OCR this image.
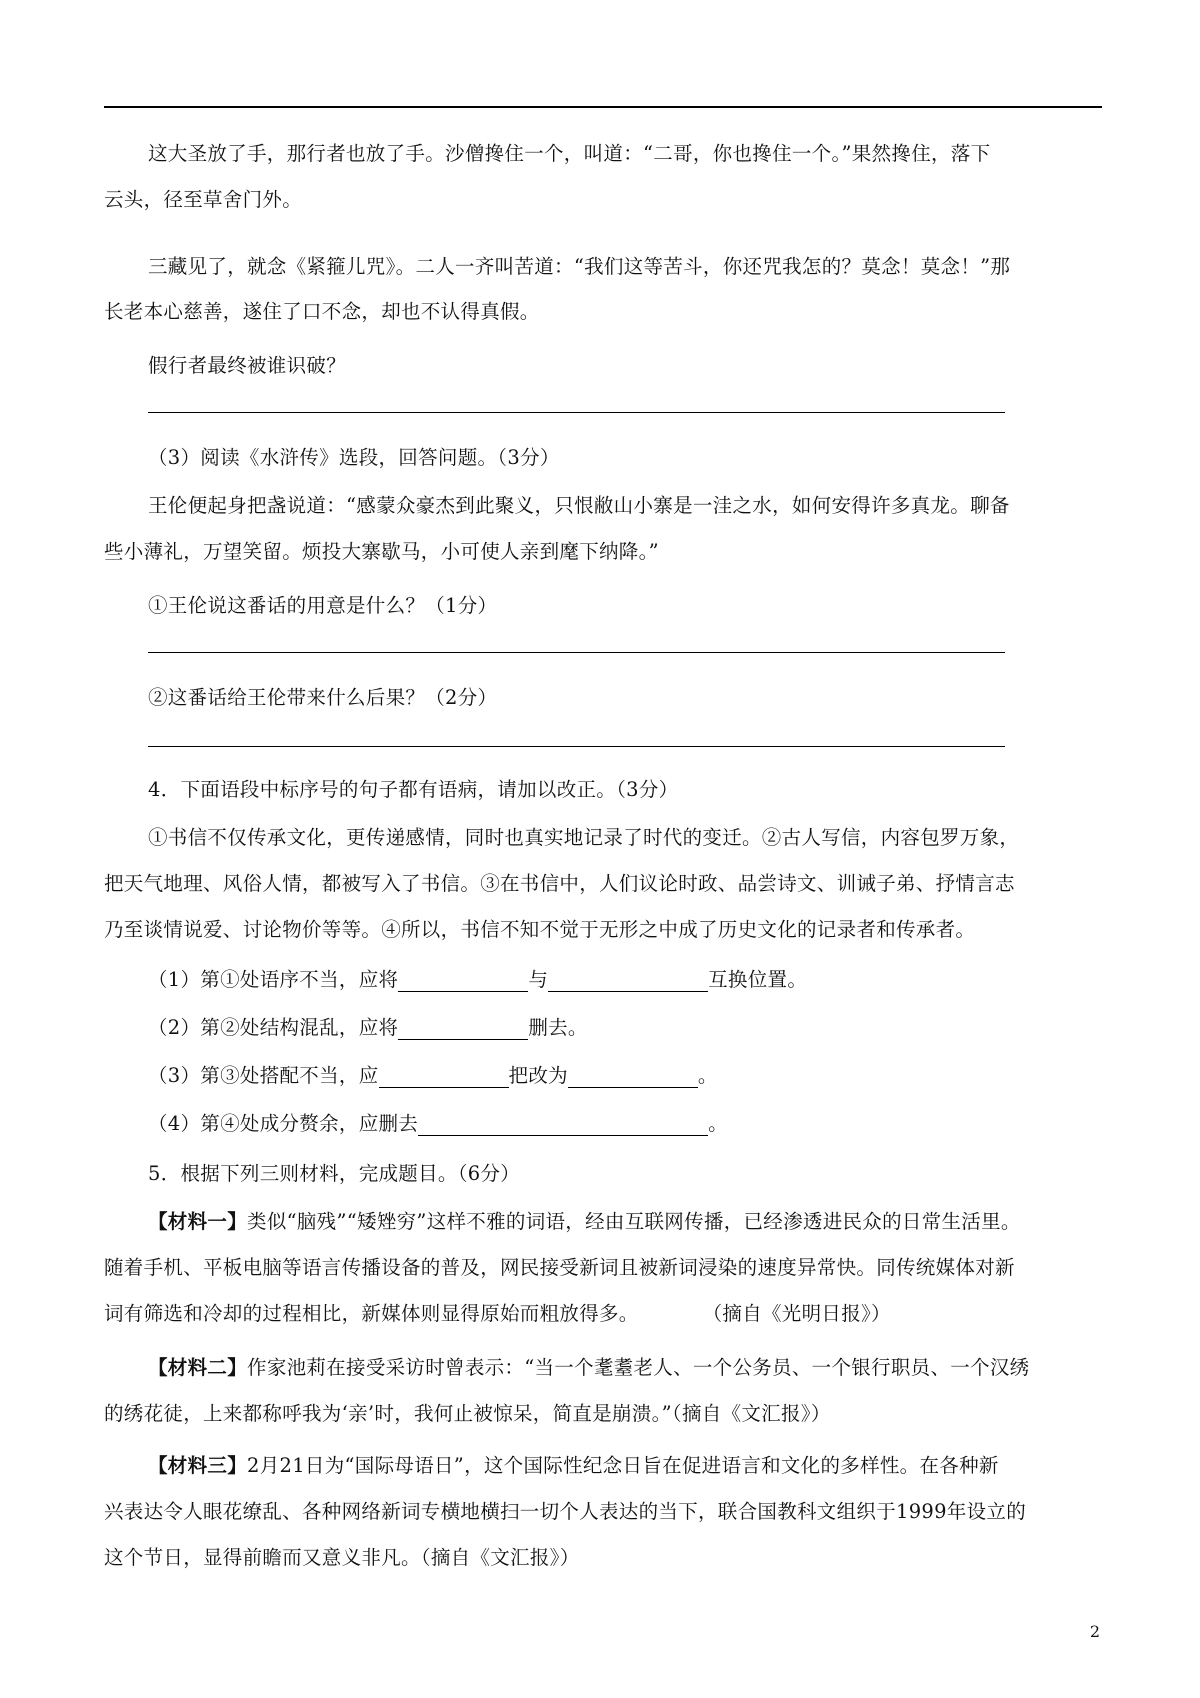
这大圣放了手，那行者也放了手。沙僧搀住一个，叫道：“二哥，你也搀住一个。”果然搀住，落下
云头，径至草舍门外。
三藏见了，就念《紧箍儿咒》。二人一齐叫苦道：“我们这等苦斗，你还咒我怎的？莫念！莫念！”那
长老本心慈善，遂住了口不念，却也不认得真假。
假行者最终被谁识破？
（3）阅读《水浒传》选段，回答问题。（3分）
王伦便起身把盏说道：“感蒙众豪杰到此聚义，只恨敝山小寨是一洼之水，如何安得许多真龙。聊备
些小薄礼，万望笑留。烦投大寨歇马，小可使人亲到麾下纳降。”
①王伦说这番话的用意是什么？（1分）
②这番话给王伦带来什么后果？（2分）
4．下面语段中标序号的句子都有语病，请加以改正。（3分）
①书信不仅传承文化，更传递感情，同时也真实地记录了时代的变迁。②古人写信，内容包罗万象，
把天气地理、风俗人情，都被写入了书信。③在书信中，人们议论时政、品尝诗文、训诫子弟、抒情言志
乃至谈情说爱、讨论物价等等。④所以，书信不知不觉于无形之中成了历史文化的记录者和传承者。
（1）第①处语序不当，应将	与	互换位置。
（2）第②处结构混乱，应将	删去。
（3）第③处搭配不当，应	把改为	。
（4）第④处成分赘余，应删去	。
5．根据下列三则材料，完成题目。（6分）
【材料一】类似“脑残”“矮矬穷”这样不雅的词语，经由互联网传播，已经渗透进民众的日常生活里。
随着手机、平板电脑等语言传播设备的普及，网民接受新词且被新词浸染的速度异常快。同传统媒体对新
词有筛选和冷却的过程相比，新媒体则显得原始而粗放得多。	（摘自《光明日报》）
【材料二】作家池莉在接受采访时曾表示：“当一个耄耋老人、一个公务员、一个银行职员、一个汉绣
的绣花徒，上来都称呼我为‘亲’时，我何止被惊呆，简直是崩溃。”（摘自《文汇报》）
【材料三】2月21日为“国际母语日”，这个国际性纪念日旨在促进语言和文化的多样性。在各种新
兴表达令人眼花缭乱、各种网络新词专横地横扫一切个人表达的当下，联合国教科文组织于1999年设立的
这个节日，显得前瞻而又意义非凡。（摘自《文汇报》）
2
